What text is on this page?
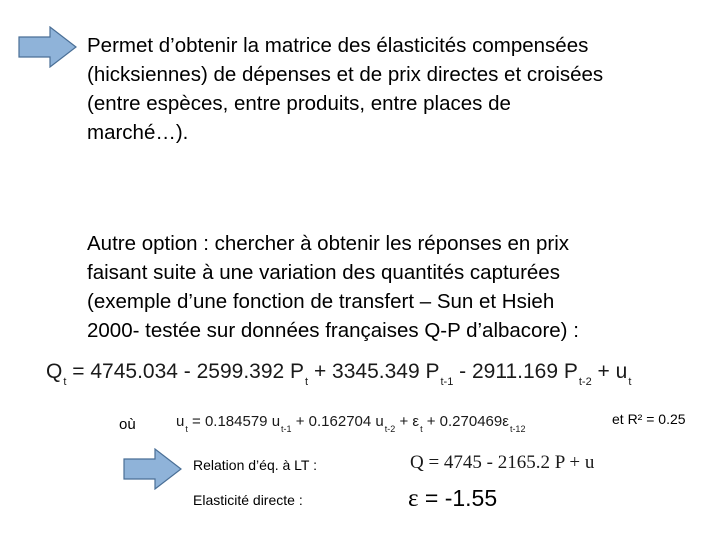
Permet d’obtenir la matrice des élasticités compensées
(hicksiennes) de dépenses et de prix directes et croisées
(entre espèces, entre produits, entre places de
marché…).
Autre option : chercher à obtenir les réponses en prix
faisant suite à une variation des quantités capturées
(exemple d’une fonction de transfert – Sun et Hsieh
2000- testée sur données françaises Q-P d’albacore) :
$Q_t = 4745.034 - 2599.392$ $P_t + 3345.349$ $P_{t-1} - 2911.169$ $P_{t-2} + u_t$
où	$u_t = 0.184579$ $u_{t-1} + 0.162704$ $u_{t-2} + \varepsilon_t + 0.270469\varepsilon_{t-12}$
et R² = 0.25
Relation d’éq. à LT :	Q = 4745 - 2165.2 P + u
Elasticité directe :	ε = -1.55
